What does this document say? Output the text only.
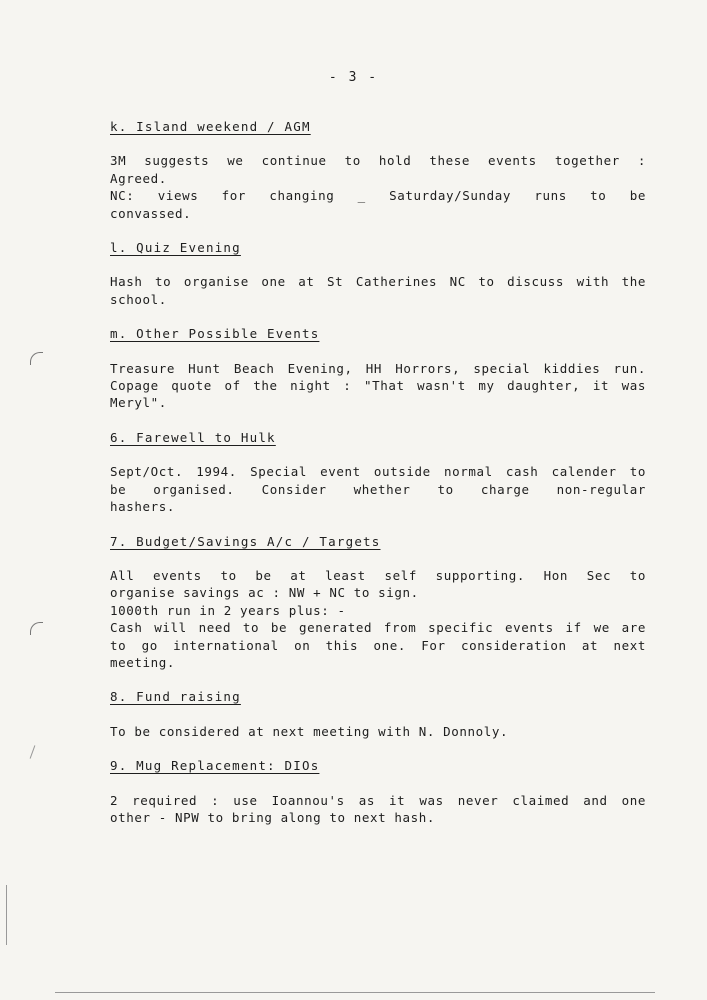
- 3 -
k. Island weekend / AGM
3M suggests we continue to hold these events together :
Agreed.
NC: views for changing _ Saturday/Sunday runs to be
convassed.
l. Quiz Evening
Hash to organise one at St Catherines NC to discuss with the
school.
m. Other Possible Events
Treasure Hunt Beach Evening, HH Horrors, special kiddies run.
Copage quote of the night : "That wasn't my daughter, it was
Meryl".
6. Farewell to Hulk
Sept/Oct. 1994. Special event outside normal cash calender to
be organised. Consider whether to charge non-regular
hashers.
7. Budget/Savings A/c / Targets
All events to be at least self supporting. Hon Sec to
organise savings ac : NW + NC to sign.
1000th run in 2 years plus: -
Cash will need to be generated from specific events if we are
to go international on this one. For consideration at next
meeting.
8. Fund raising
To be considered at next meeting with N. Donnoly.
9. Mug Replacement: DIOs
2 required : use Ioannou's as it was never claimed and one
other - NPW to bring along to next hash.
